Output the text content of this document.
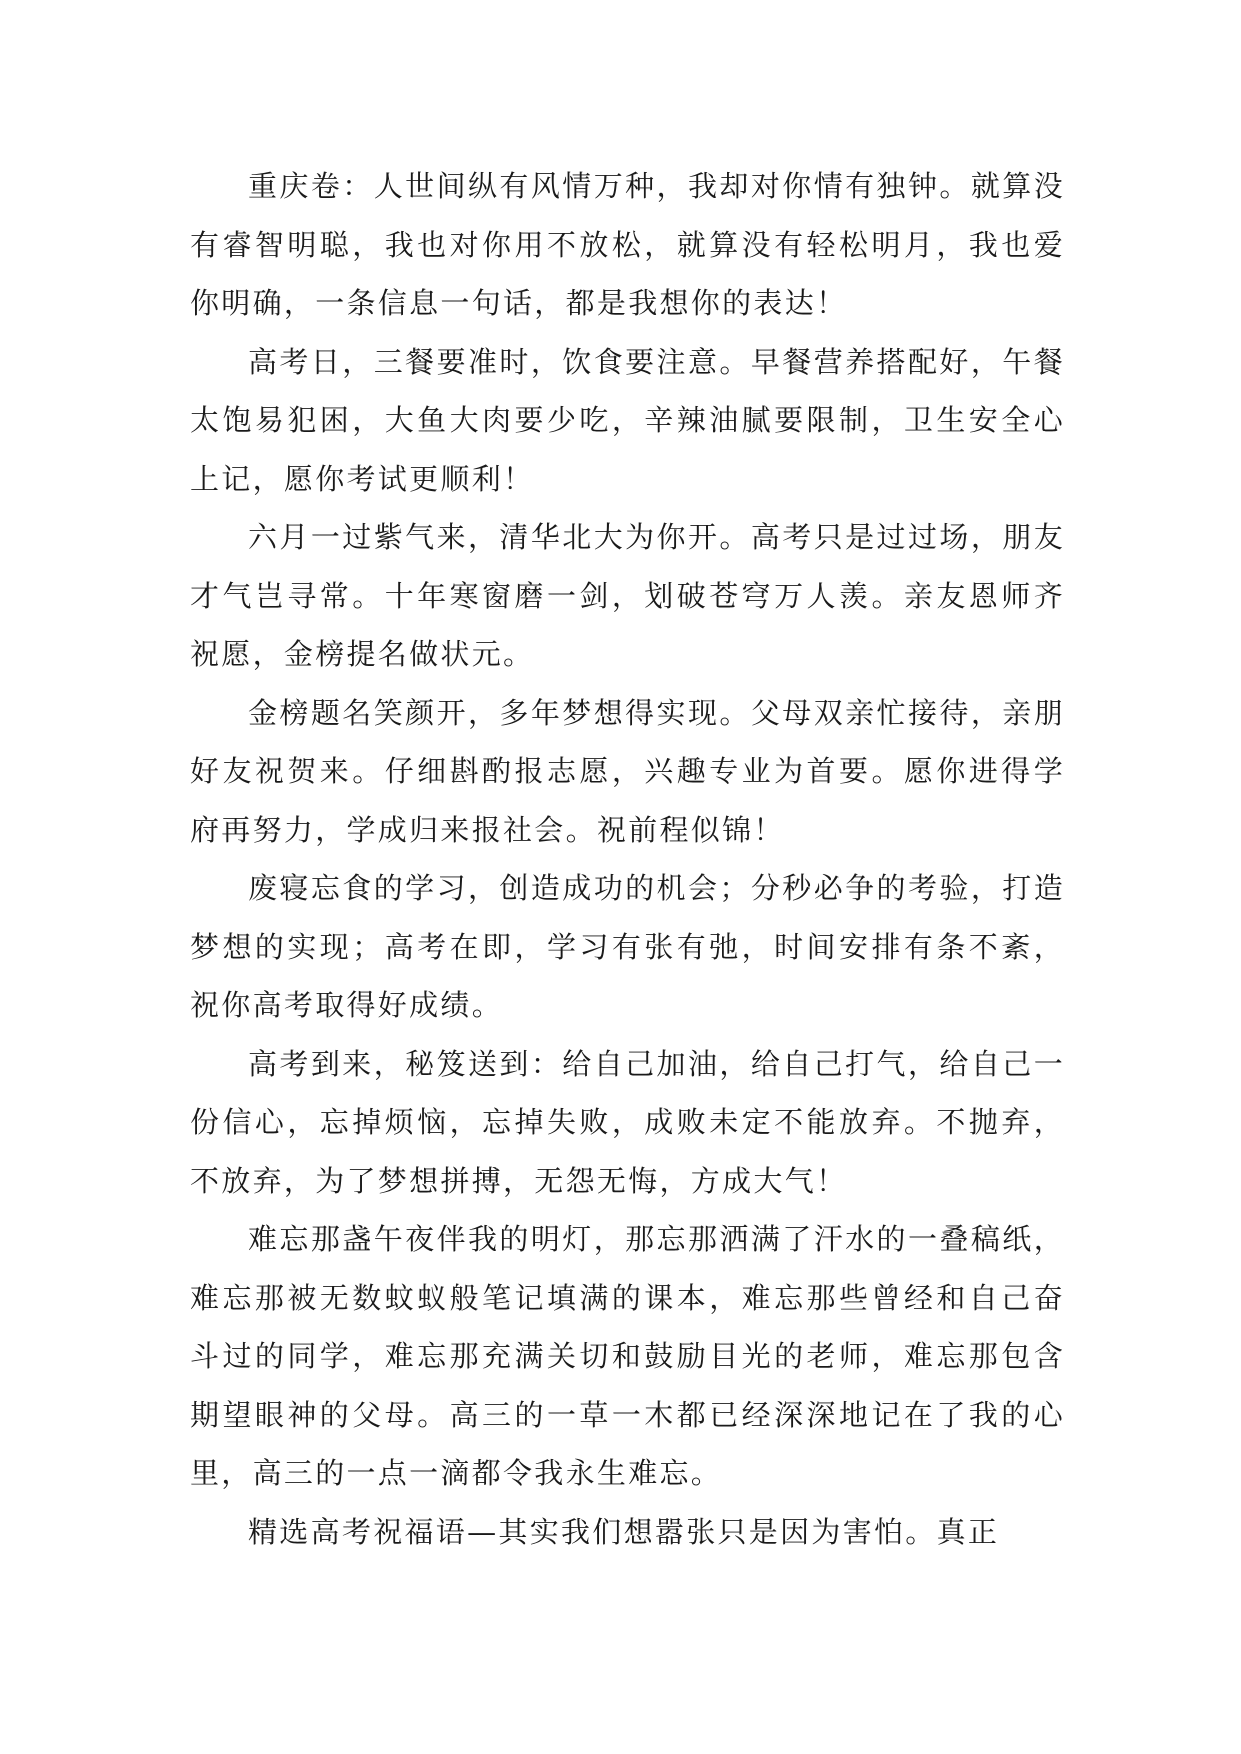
重庆卷：人世间纵有风情万种，我却对你情有独钟。就算没有睿智明聪，我也对你用不放松，就算没有轻松明月，我也爱你明确，一条信息一句话，都是我想你的表达！

高考日，三餐要准时，饮食要注意。早餐营养搭配好，午餐太饱易犯困，大鱼大肉要少吃，辛辣油腻要限制，卫生安全心上记，愿你考试更顺利！

六月一过紫气来，清华北大为你开。高考只是过过场，朋友才气岂寻常。十年寒窗磨一剑，划破苍穹万人羡。亲友恩师齐祝愿，金榜提名做状元。

金榜题名笑颜开，多年梦想得实现。父母双亲忙接待，亲朋好友祝贺来。仔细斟酌报志愿，兴趣专业为首要。愿你进得学府再努力，学成归来报社会。祝前程似锦！

废寝忘食的学习，创造成功的机会；分秒必争的考验，打造梦想的实现；高考在即，学习有张有弛，时间安排有条不紊，祝你高考取得好成绩。

高考到来，秘笈送到：给自己加油，给自己打气，给自己一份信心，忘掉烦恼，忘掉失败，成败未定不能放弃。不抛弃，不放弃，为了梦想拼搏，无怨无悔，方成大气！

难忘那盏午夜伴我的明灯，那忘那洒满了汗水的一叠稿纸，难忘那被无数蚊蚁般笔记填满的课本，难忘那些曾经和自己奋斗过的同学，难忘那充满关切和鼓励目光的老师，难忘那包含期望眼神的父母。高三的一草一木都已经深深地记在了我的心里，高三的一点一滴都令我永生难忘。

精选高考祝福语—其实我们想嚣张只是因为害怕。真正
